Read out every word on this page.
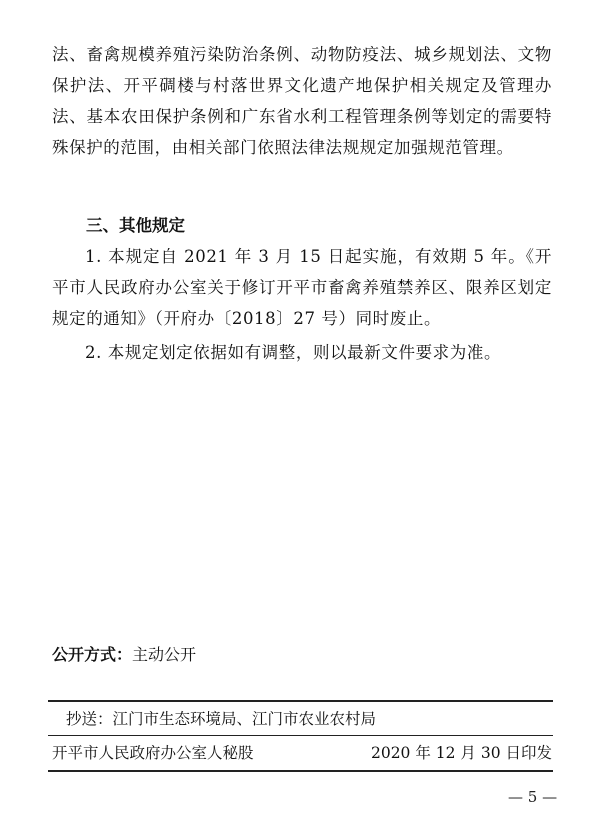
法、畜禽规模养殖污染防治条例、动物防疫法、城乡规划法、文物保护法、开平碉楼与村落世界文化遗产地保护相关规定及管理办法、基本农田保护条例和广东省水利工程管理条例等划定的需要特殊保护的范围，由相关部门依照法律法规规定加强规范管理。

三、其他规定

1. 本规定自 2021 年 3 月 15 日起实施，有效期 5 年。《开平市人民政府办公室关于修订开平市畜禽养殖禁养区、限养区划定规定的通知》（开府办〔2018〕27 号）同时废止。

2. 本规定划定依据如有调整，则以最新文件要求为准。

公开方式：主动公开

抄送：江门市生态环境局、江门市农业农村局

开平市人民政府办公室人秘股	2020 年 12 月 30 日印发

— 5 —
